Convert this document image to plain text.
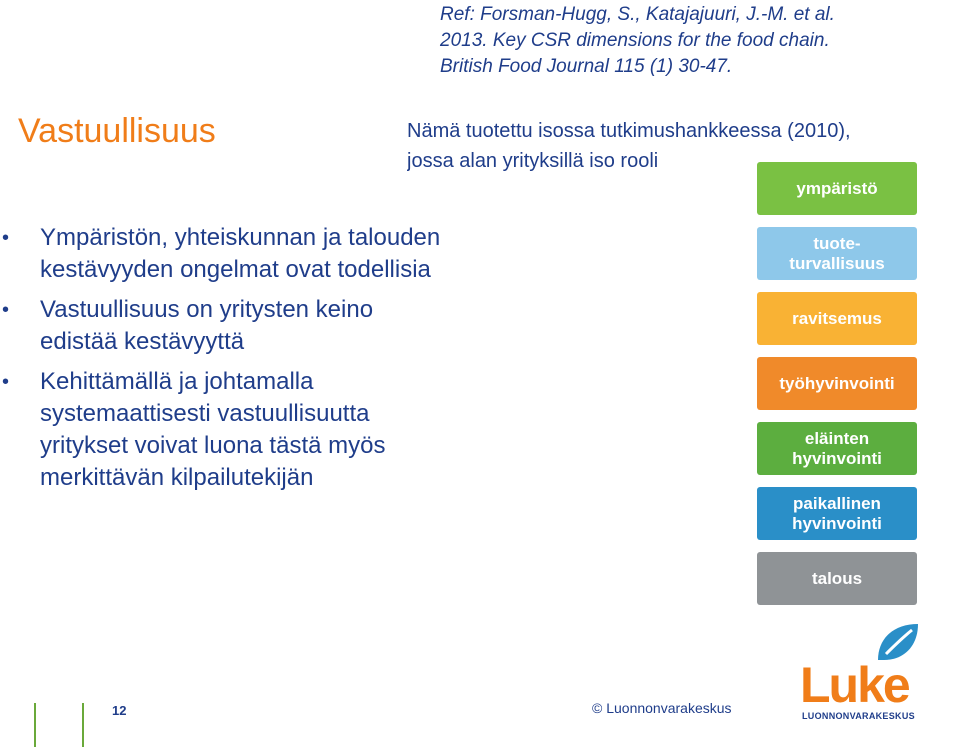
Ref: Forsman-Hugg, S., Katajajuuri, J.-M. et al.
2013. Key CSR dimensions for the food chain.
British Food Journal 115 (1) 30-47.
Vastuullisuus	Nämä tuotettu isossa tutkimushankkeessa (2010),
jossa alan yrityksillä iso rooli
• Ympäristön, yhteiskunnan ja talouden
kestävyyden ongelmat ovat todellisia
• Vastuullisuus on yritysten keino
edistää kestävyyttä
• Kehittämällä ja johtamalla
systemaattisesti vastuullisuutta
yritykset voivat luona tästä myös
merkittävän kilpailutekijän
ympäristö
tuote-
turvallisuus
ravitsemus
työhyvinvointi
eläinten
hyvinvointi
paikallinen
hyvinvointi
talous
12	© Luonnonvarakeskus Luke
LUONNONVARAKESKUS
